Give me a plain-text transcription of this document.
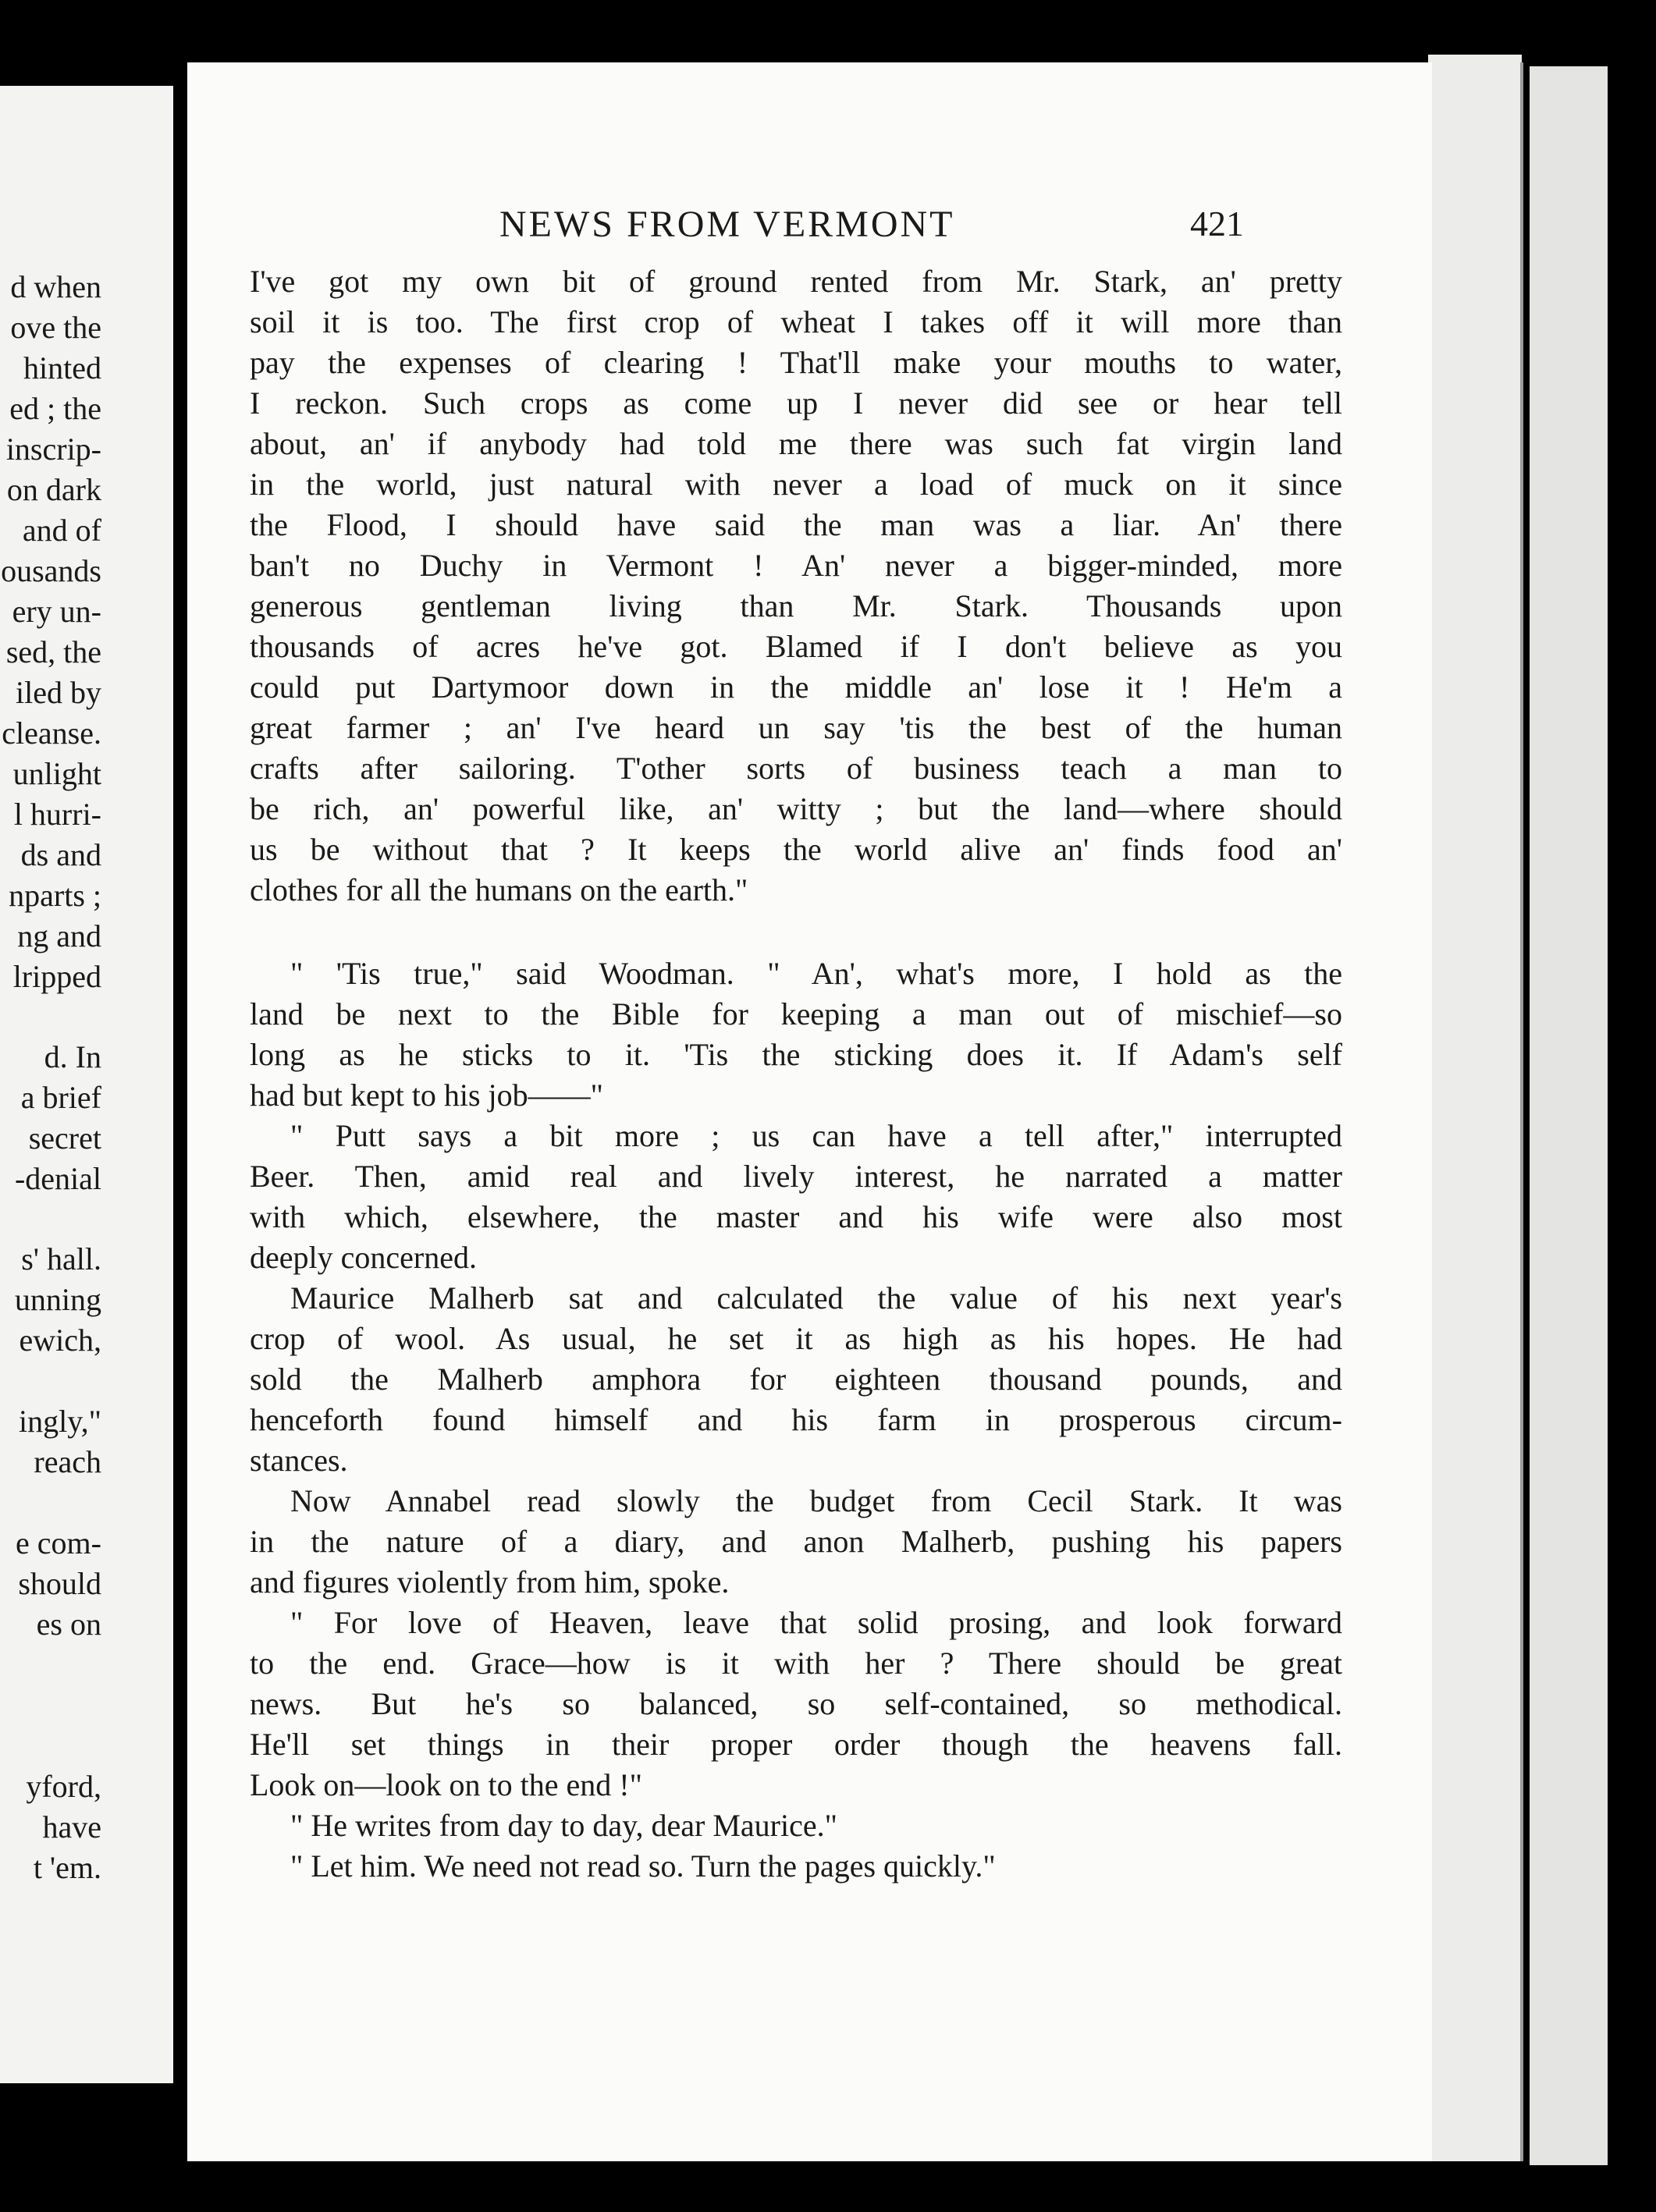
d when
ove the
hinted
ed ; the
inscrip-
on dark
and of
ousands
ery un-
sed, the
iled by
cleanse.
unlight
l hurri-
ds and
nparts ;
ng and
lripped
d. In
a brief
secret
-denial
s' hall.
unning
ewich,
ingly,"
reach
e com-
should
es on
yford,
have
t 'em.
NEWS FROM VERMONT	421
I've got my own bit of ground rented from Mr. Stark, an' pretty
soil it is too. The first crop of wheat I takes off it will more than
pay the expenses of clearing ! That'll make your mouths to water,
I reckon. Such crops as come up I never did see or hear tell
about, an' if anybody had told me there was such fat virgin land
in the world, just natural with never a load of muck on it since
the Flood, I should have said the man was a liar. An' there
ban't no Duchy in Vermont ! An' never a bigger-minded, more
generous gentleman living than Mr. Stark. Thousands upon
thousands of acres he've got. Blamed if I don't believe as you
could put Dartymoor down in the middle an' lose it ! He'm a
great farmer ; an' I've heard un say 'tis the best of the human
crafts after sailoring. T'other sorts of business teach a man to
be rich, an' powerful like, an' witty ; but the land—where should
us be without that ? It keeps the world alive an' finds food an'
clothes for all the humans on the earth."
" 'Tis true," said Woodman. " An', what's more, I hold as the
land be next to the Bible for keeping a man out of mischief—so
long as he sticks to it. 'Tis the sticking does it. If Adam's self
had but kept to his job——"
" Putt says a bit more ; us can have a tell after," interrupted
Beer. Then, amid real and lively interest, he narrated a matter
with which, elsewhere, the master and his wife were also most
deeply concerned.
Maurice Malherb sat and calculated the value of his next year's
crop of wool. As usual, he set it as high as his hopes. He had
sold the Malherb amphora for eighteen thousand pounds, and
henceforth found himself and his farm in prosperous circum-
stances.
Now Annabel read slowly the budget from Cecil Stark. It was
in the nature of a diary, and anon Malherb, pushing his papers
and figures violently from him, spoke.
" For love of Heaven, leave that solid prosing, and look forward
to the end. Grace—how is it with her ? There should be great
news. But he's so balanced, so self-contained, so methodical.
He'll set things in their proper order though the heavens fall.
Look on—look on to the end !"
" He writes from day to day, dear Maurice."
" Let him. We need not read so. Turn the pages quickly."
